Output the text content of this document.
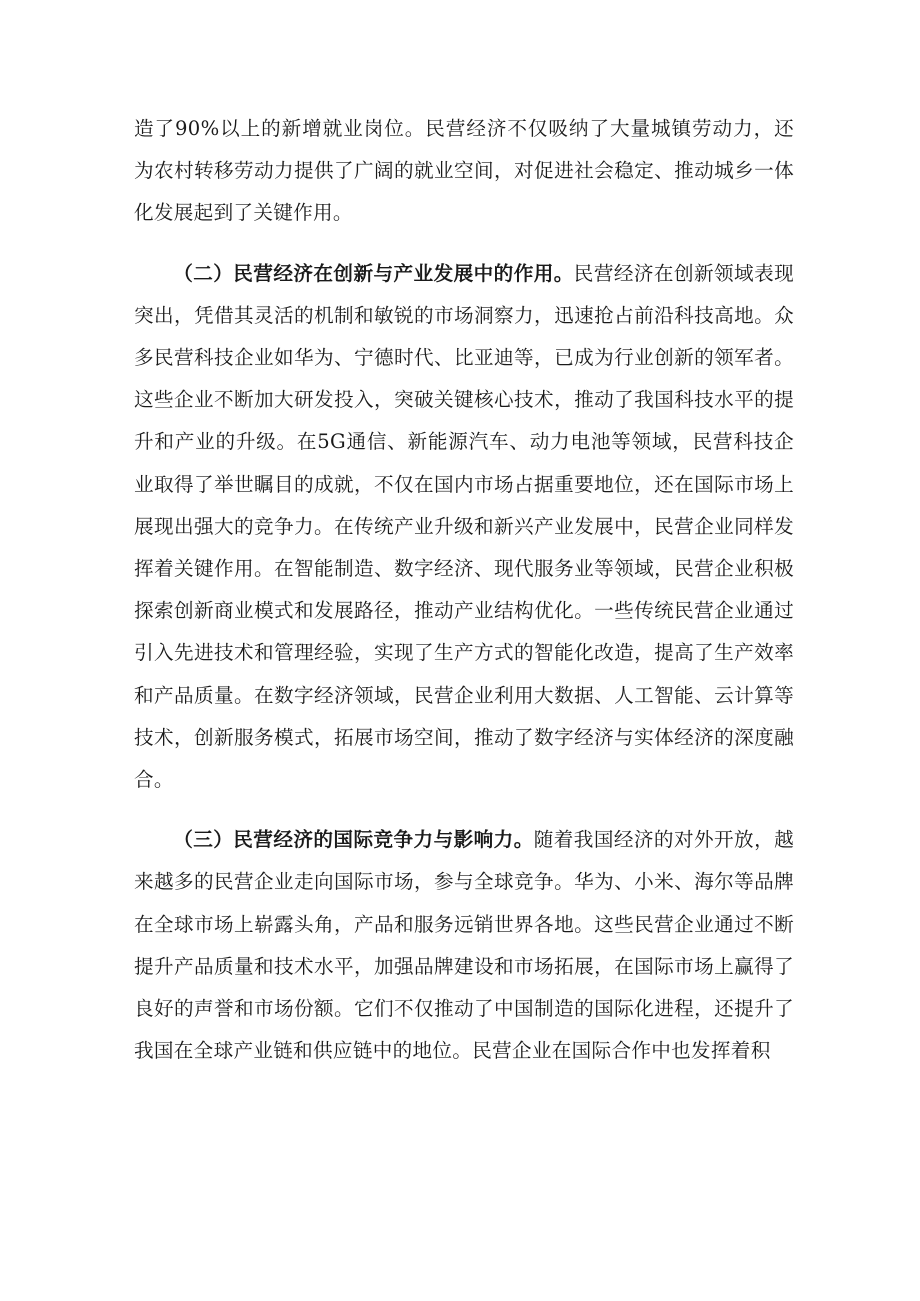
造了90%以上的新增就业岗位。民营经济不仅吸纳了大量城镇劳动力，还为农村转移劳动力提供了广阔的就业空间，对促进社会稳定、推动城乡一体化发展起到了关键作用。

（二）民营经济在创新与产业发展中的作用。民营经济在创新领域表现突出，凭借其灵活的机制和敏锐的市场洞察力，迅速抢占前沿科技高地。众多民营科技企业如华为、宁德时代、比亚迪等，已成为行业创新的领军者。这些企业不断加大研发投入，突破关键核心技术，推动了我国科技水平的提升和产业的升级。在5G通信、新能源汽车、动力电池等领域，民营科技企业取得了举世瞩目的成就，不仅在国内市场占据重要地位，还在国际市场上展现出强大的竞争力。在传统产业升级和新兴产业发展中，民营企业同样发挥着关键作用。在智能制造、数字经济、现代服务业等领域，民营企业积极探索创新商业模式和发展路径，推动产业结构优化。一些传统民营企业通过引入先进技术和管理经验，实现了生产方式的智能化改造，提高了生产效率和产品质量。在数字经济领域，民营企业利用大数据、人工智能、云计算等技术，创新服务模式，拓展市场空间，推动了数字经济与实体经济的深度融合。

（三）民营经济的国际竞争力与影响力。随着我国经济的对外开放，越来越多的民营企业走向国际市场，参与全球竞争。华为、小米、海尔等品牌在全球市场上崭露头角，产品和服务远销世界各地。这些民营企业通过不断提升产品质量和技术水平，加强品牌建设和市场拓展，在国际市场上赢得了良好的声誉和市场份额。它们不仅推动了中国制造的国际化进程，还提升了我国在全球产业链和供应链中的地位。民营企业在国际合作中也发挥着积
